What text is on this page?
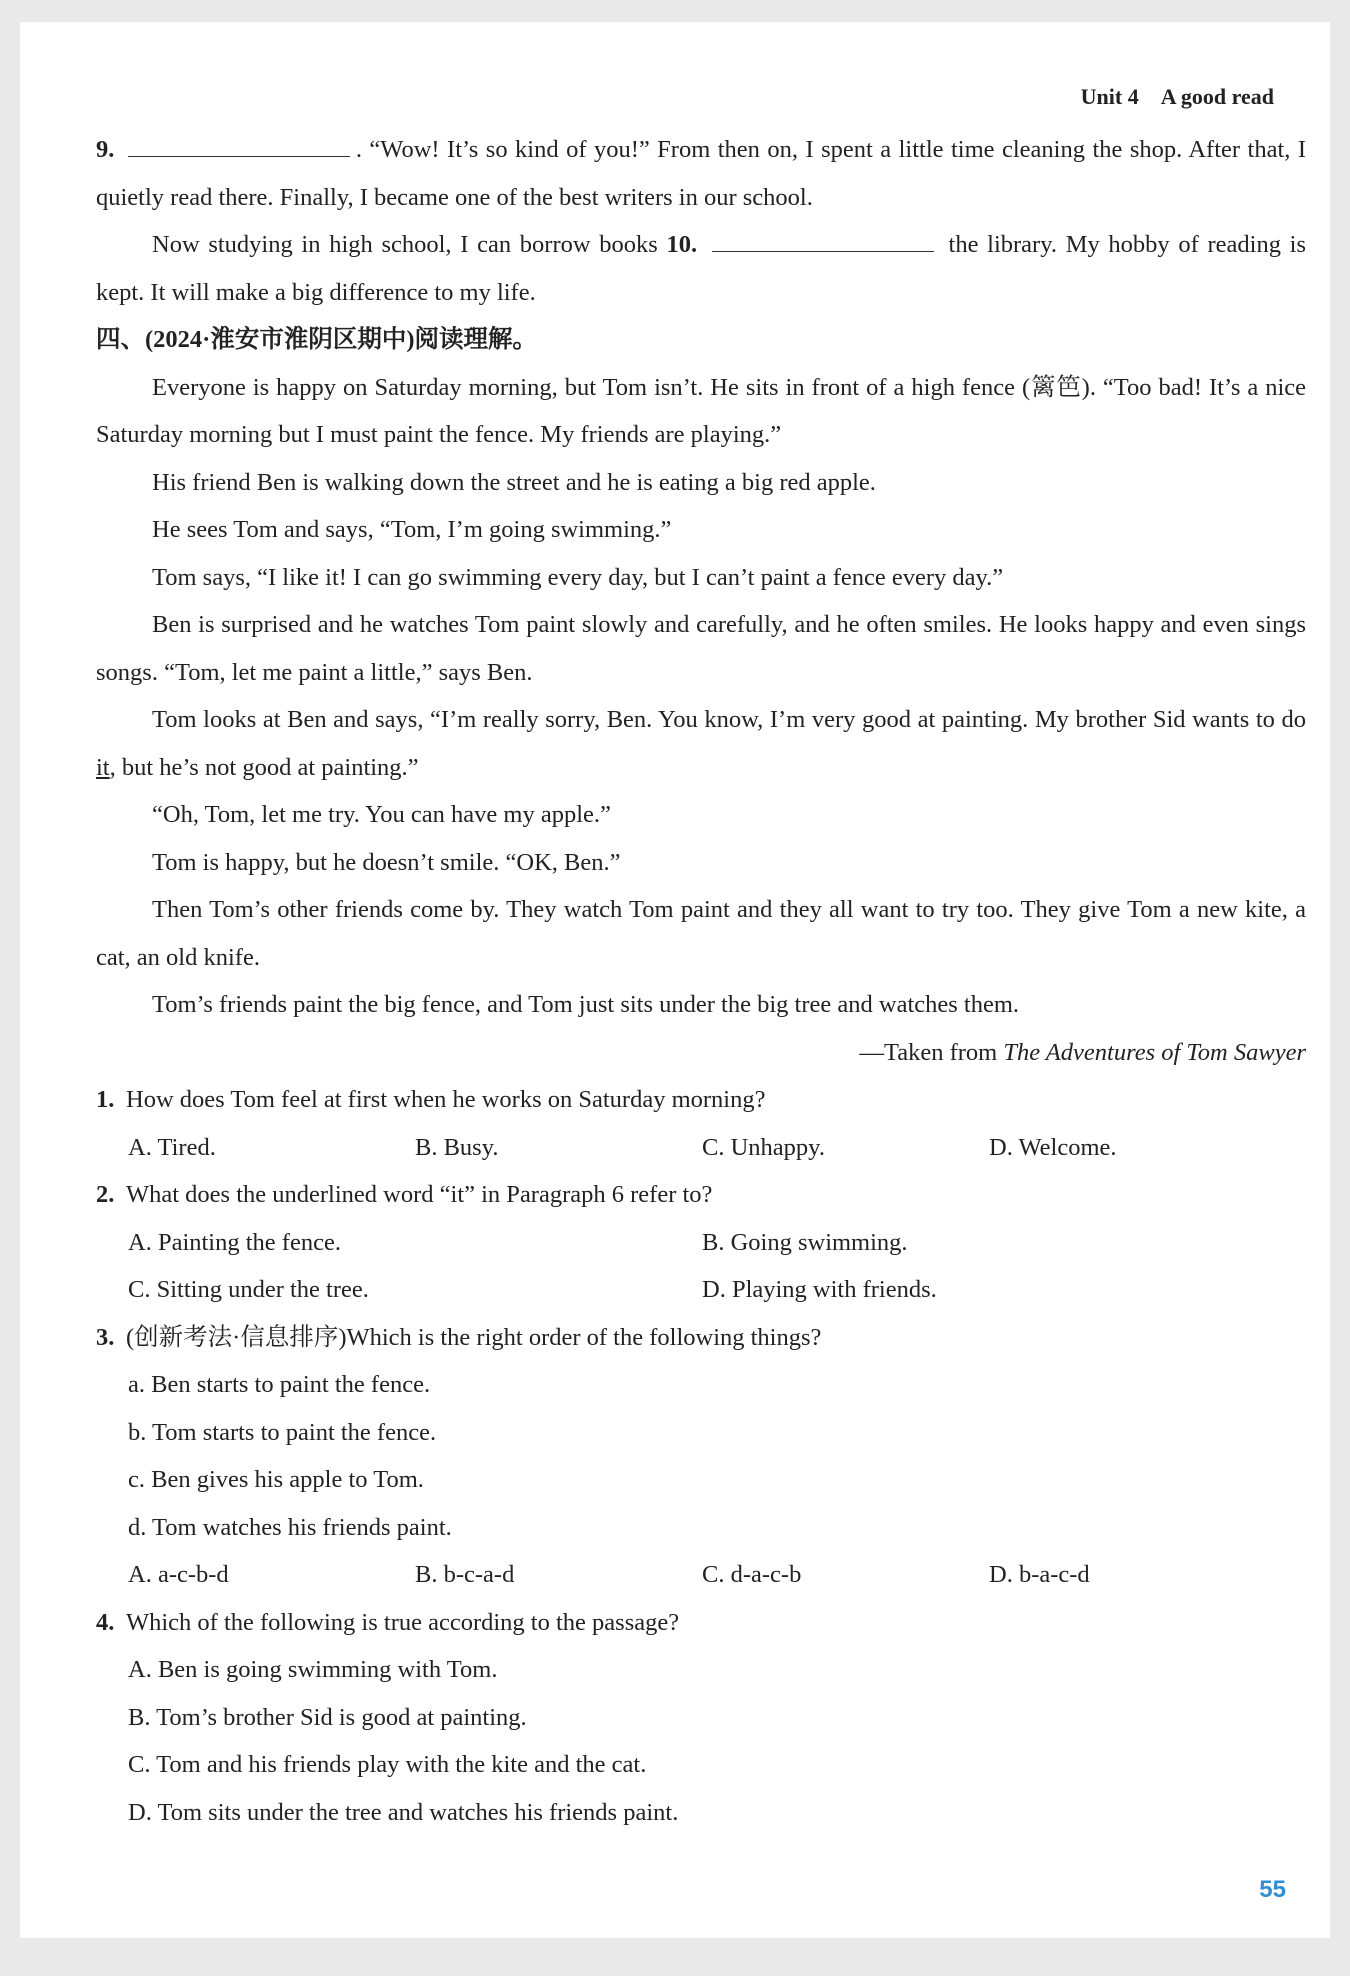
Unit 4 A good read

9.	. “Wow! It’s so kind of you!” From then on, I spent a little time cleaning the shop. After that, I quietly read there. Finally, I became one of the best writers in our school.

Now studying in high school, I can borrow books 10.	the library. My hobby of reading is kept. It will make a big difference to my life.

四、(2024·淮安市淮阴区期中)阅读理解。

Everyone is happy on Saturday morning, but Tom isn’t. He sits in front of a high fence (篱笆). “Too bad! It’s a nice Saturday morning but I must paint the fence. My friends are playing.”

His friend Ben is walking down the street and he is eating a big red apple.

He sees Tom and says, “Tom, I’m going swimming.”

Tom says, “I like it! I can go swimming every day, but I can’t paint a fence every day.”

Ben is surprised and he watches Tom paint slowly and carefully, and he often smiles. He looks happy and even sings songs. “Tom, let me paint a little,” says Ben.

Tom looks at Ben and says, “I’m really sorry, Ben. You know, I’m very good at painting. My brother Sid wants to do it, but he’s not good at painting.”

“Oh, Tom, let me try. You can have my apple.”

Tom is happy, but he doesn’t smile. “OK, Ben.”

Then Tom’s other friends come by. They watch Tom paint and they all want to try too. They give Tom a new kite, a cat, an old knife.

Tom’s friends paint the big fence, and Tom just sits under the big tree and watches them.

—Taken from The Adventures of Tom Sawyer

1. How does Tom feel at first when he works on Saturday morning?

A. Tired.	B. Busy.	C. Unhappy.	D. Welcome.

2. What does the underlined word “it” in Paragraph 6 refer to?

A. Painting the fence.	B. Going swimming.
C. Sitting under the tree.	D. Playing with friends.

3. (创新考法·信息排序)Which is the right order of the following things?

a. Ben starts to paint the fence.

b. Tom starts to paint the fence.

c. Ben gives his apple to Tom.

d. Tom watches his friends paint.

A. a-c-b-d	B. b-c-a-d	C. d-a-c-b	D. b-a-c-d

4. Which of the following is true according to the passage?

A. Ben is going swimming with Tom.

B. Tom’s brother Sid is good at painting.

C. Tom and his friends play with the kite and the cat.

D. Tom sits under the tree and watches his friends paint.

55
